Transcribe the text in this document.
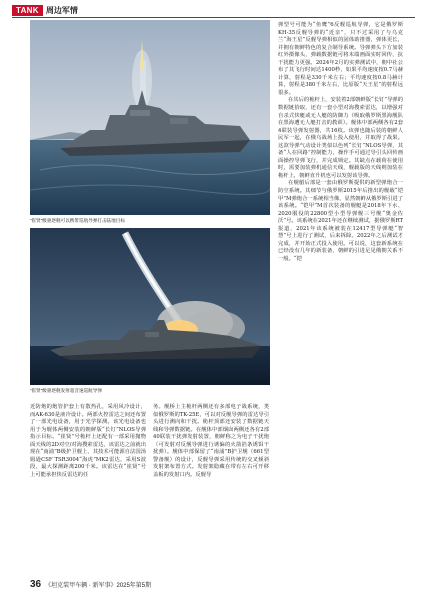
TANK 周边军情
“崔贤”级驱逐舰可以携带巡航导弹打击陆地目标
“崔贤”级驱逐舰发射超音速巡航导弹

弹型号可能为“鱼鹰”6反舰巡航导弹，它是俄罗斯KH-35反舰导弹的“近亲”，只不过采用了与乌克兰“海王星”反舰导弹相似的固体助推器，弹体更长，并拥有朝鲜特色的复合制导系统。导弹弹头下方加装红外摄像头，弹载数据链可将末端画面实时回传，抗干扰能力更强。2024年2月的实弹测试中，朝中社公布了其飞行时间达1400秒，如果平均速度按0.7马赫计算，射程是330千米左右；平均速度按0.8马赫计算，射程是380千米左右，比原版“天王星”的射程远很多。

在其后的桅杆上，安装着2部朝鲜版“长钉”导弹的数据链拾取，还有一套小型对海搜索雷达，以增强对自杀式快艇或无人艇的防御力（吸取俄罗斯黑海舰队在黑海遭无人艇打击的教训）。舰体中部两侧各有2套4联装导弹发射器，共16枚。该弹也随后装的朝鲜人民军一起，在俄乌战场上投入使用，并取得了战果。这款导弹气动设计类似以色列“长钉”NLOS导弹，其备“人在回路”控制能力，操作手可通过导引头回传画面操控导弹飞行，并完成锁定。其缺点在载荷在使用时，需要加装弹机通信天线，舰载版的天线则加装在桅杆上，朝鲜直升机也可以发射该导弹。

在舰艏后部是一套由俄罗斯提供的新型弹炮合一防空系统。其细节与俄罗斯2015年后推出的舰载“铠甲”M弹炮合一系统相当像，显然朝鲜从俄罗斯引进了该系统。“铠甲”M首次装备的舰艇是2018年下水、2020服役的22800型小型导弹舰三号舰“奥金佐沃”号。该系统在2021年还在继续测试，据俄罗斯RT报道，2021年该系统被装在12417型导弹艇“智慧”号上进行了测试，后来拆除。2022年之后测试才完成，并开始正式投入使用。可以说，这套新系统在已经没有几年的新装备，朝鲜的引进足见俄朝关系不一般。“铠

近防炮的炮管护套上有散热孔，采用风冷设计，而AK-630是液冷设计。两部火控雷达之间还布置了一部光电设备，用于光学探测。该光电设备也用于为舰体两侧安装的朝鲜版“长钉”NLOS导弹指示目标。“崔贤”号桅杆上还配有一部采用抛物面天线的2D对空/对海搜索雷达，该雷达之前就出现在“南浦”B级护卫舰上，其技术可能源自法国汤姆逊CSF TSR3004“海虎”MK2雷达，采用S波段，最大探测距离200千米。该雷达在“崔贤”号上可能承担快反雷达的任

务。舰桥上主桅杆两侧还有多部电子战系统，类似俄罗斯的TK-25E，可以对反舰导弹的雷达导引头进行测向和干扰。桅杆顶部还安装了数据链天线和导弹数据链。在舰体中部烟囱两侧还各有2部40联装干扰弹发射装置，朝鲜称之为电子干扰炮（可发射对反舰导弹进行诱偏的火箭箔条诱饵干扰弹）。舰体中部保留了“南浦”B护卫舰（661型警备舰）的设计，反舰导弹采用传统的交叉倾斜发射架布置方式。发射架隐藏在带有左右可开移盖板的发射口内。反舰导

36 《坦克装甲车辆 · 新军事》2025年第5期
